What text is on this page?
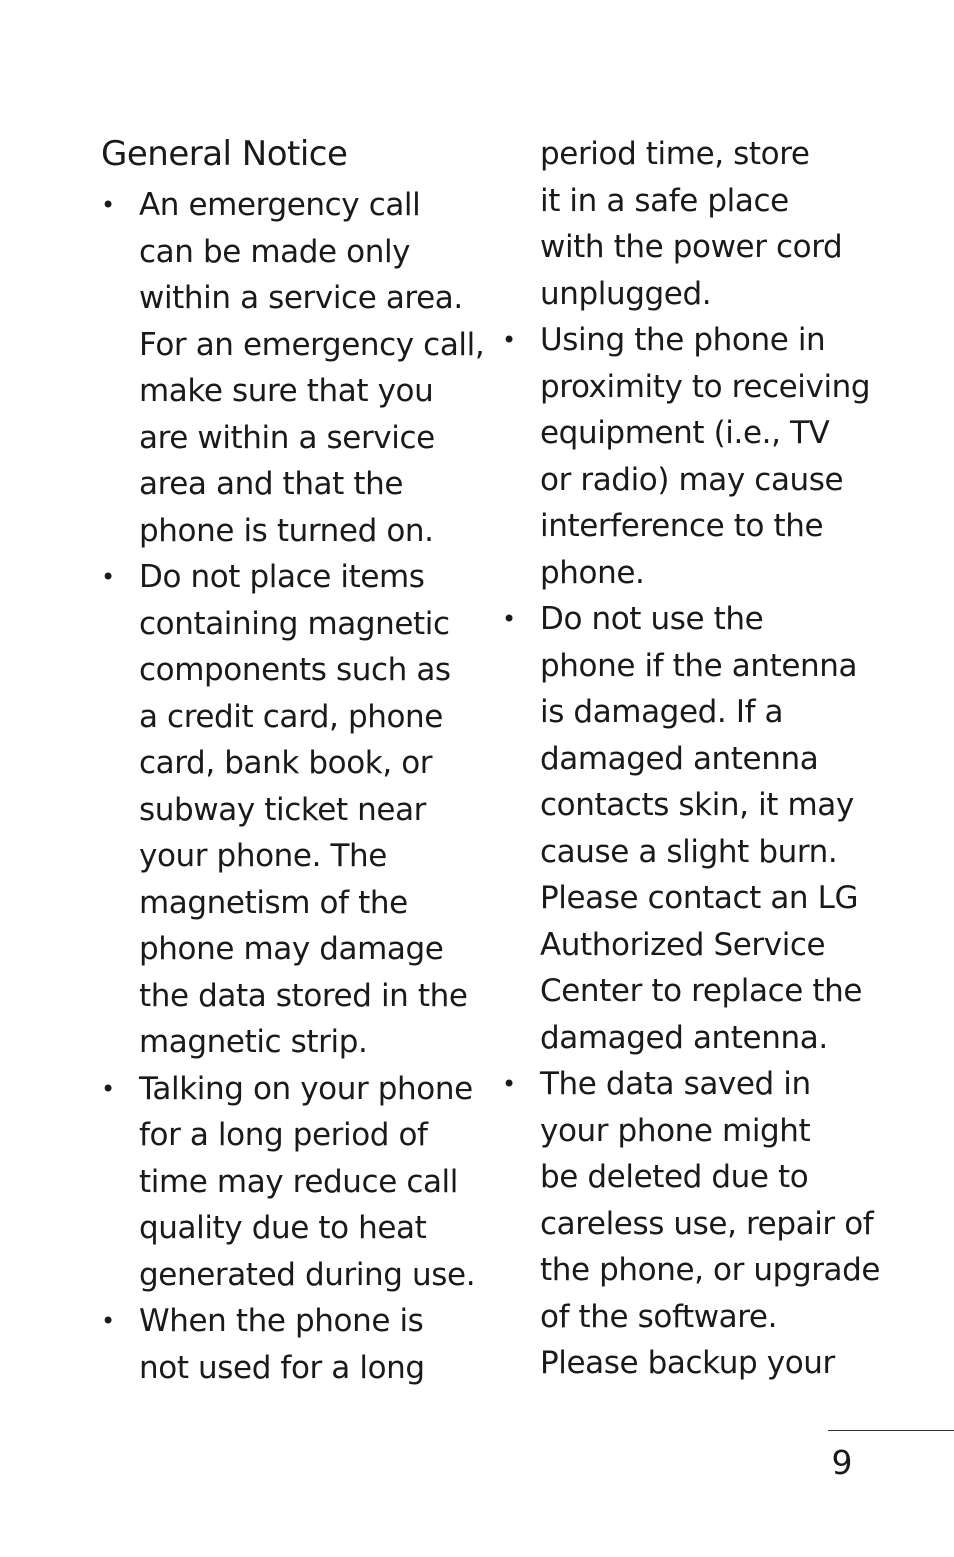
General Notice
• An emergency call
can be made only
within a service area.
For an emergency call,
make sure that you
are within a service
area and that the
phone is turned on.
• Do not place items
containing magnetic
components such as
a credit card, phone
card, bank book, or
subway ticket near
your phone. The
magnetism of the
phone may damage
the data stored in the
magnetic strip.
• Talking on your phone
for a long period of
time may reduce call
quality due to heat
generated during use.
• When the phone is
not used for a long
period time, store
it in a safe place
with the power cord
unplugged.
• Using the phone in
proximity to receiving
equipment (i.e., TV
or radio) may cause
interference to the
phone.
• Do not use the
phone if the antenna
is damaged. If a
damaged antenna
contacts skin, it may
cause a slight burn.
Please contact an LG
Authorized Service
Center to replace the
damaged antenna.
• The data saved in
your phone might
be deleted due to
careless use, repair of
the phone, or upgrade
of the software.
Please backup your
9
